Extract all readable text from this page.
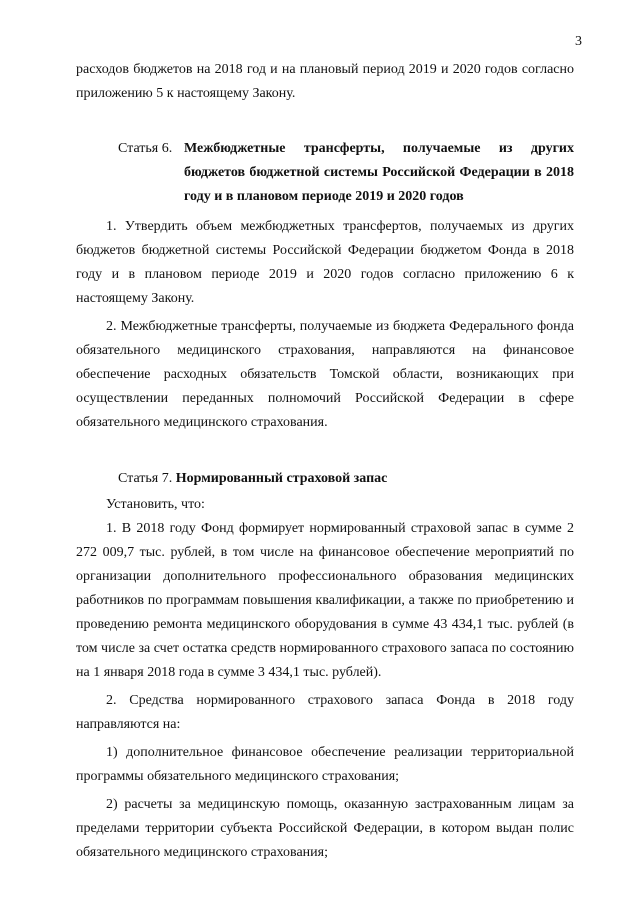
3

расходов бюджетов на 2018 год и на плановый период 2019 и 2020 годов согласно приложению 5 к настоящему Закону.

Статья 6. Межбюджетные трансферты, получаемые из других бюджетов бюджетной системы Российской Федерации в 2018 году и в плановом периоде 2019 и 2020 годов

1. Утвердить объем межбюджетных трансфертов, получаемых из других бюджетов бюджетной системы Российской Федерации бюджетом Фонда в 2018 году и в плановом периоде 2019 и 2020 годов согласно приложению 6 к настоящему Закону.

2. Межбюджетные трансферты, получаемые из бюджета Федерального фонда обязательного медицинского страхования, направляются на финансовое обеспечение расходных обязательств Томской области, возникающих при осуществлении переданных полномочий Российской Федерации в сфере обязательного медицинского страхования.

Статья 7.
Нормированный страховой запас

Установить, что:

1. В 2018 году Фонд формирует нормированный страховой запас в сумме 2 272 009,7 тыс. рублей, в том числе на финансовое обеспечение мероприятий по организации дополнительного профессионального образования медицинских работников по программам повышения квалификации, а также по приобретению и проведению ремонта медицинского оборудования в сумме 43 434,1 тыс. рублей (в том числе за счет остатка средств нормированного страхового запаса по состоянию на 1 января 2018 года в сумме 3 434,1 тыс. рублей).

2. Средства нормированного страхового запаса Фонда в 2018 году направляются на:

1) дополнительное финансовое обеспечение реализации территориальной программы обязательного медицинского страхования;

2) расчеты за медицинскую помощь, оказанную застрахованным лицам за пределами территории субъекта Российской Федерации, в котором выдан полис обязательного медицинского страхования;
